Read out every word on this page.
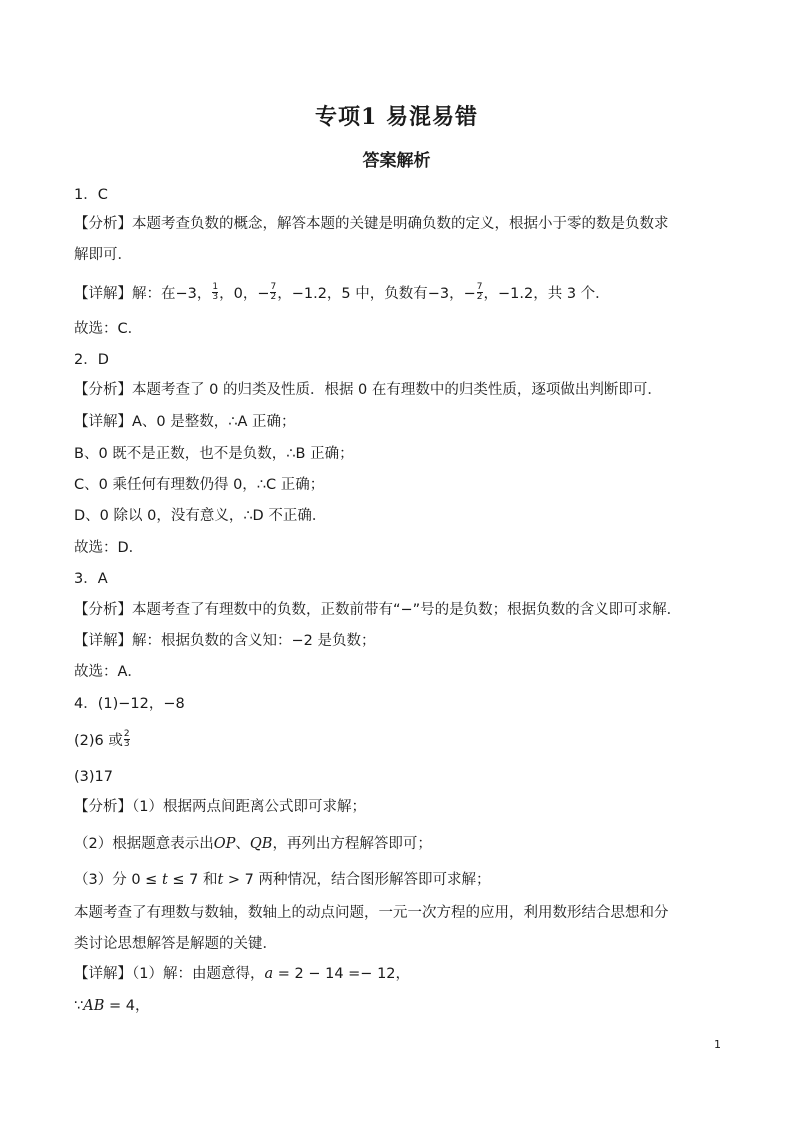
专项1 易混易错
答案解析
1．C
【分析】本题考查负数的概念，解答本题的关键是明确负数的定义，根据小于零的数是负数求
解即可．
【详解】解：在−3， $\frac{1}{3}$ ，0，− $\frac{7}{2}$ ，−1.2，5 中，负数有−3，− $\frac{7}{2}$ ，−1.2，共 3 个．
故选：C．
2．D
【分析】本题考查了 0 的归类及性质．根据 0 在有理数中的归类性质，逐项做出判断即可．
【详解】A、0 是整数，∴A 正确；
B、0 既不是正数，也不是负数，∴B 正确；
C、0 乘任何有理数仍得 0，∴C 正确；
D、0 除以 0，没有意义，∴D 不正确．
故选：D．
3．A
【分析】本题考查了有理数中的负数，正数前带有“−”号的是负数；根据负数的含义即可求解．
【详解】解：根据负数的含义知：−2 是负数；
故选：A．
4．(1)−12，−8
(2)6 或 $\frac{2}{3}$
(3)17
【分析】（1）根据两点间距离公式即可求解；
（2）根据题意表示出OP、QB，再列出方程解答即可；
（3）分 0 ≤ t ≤ 7 和t > 7 两种情况，结合图形解答即可求解；
本题考查了有理数与数轴，数轴上的动点问题，一元一次方程的应用，利用数形结合思想和分
类讨论思想解答是解题的关键．
【详解】（1）解：由题意得，a = 2 − 14 =− 12，
∵AB = 4，
1
